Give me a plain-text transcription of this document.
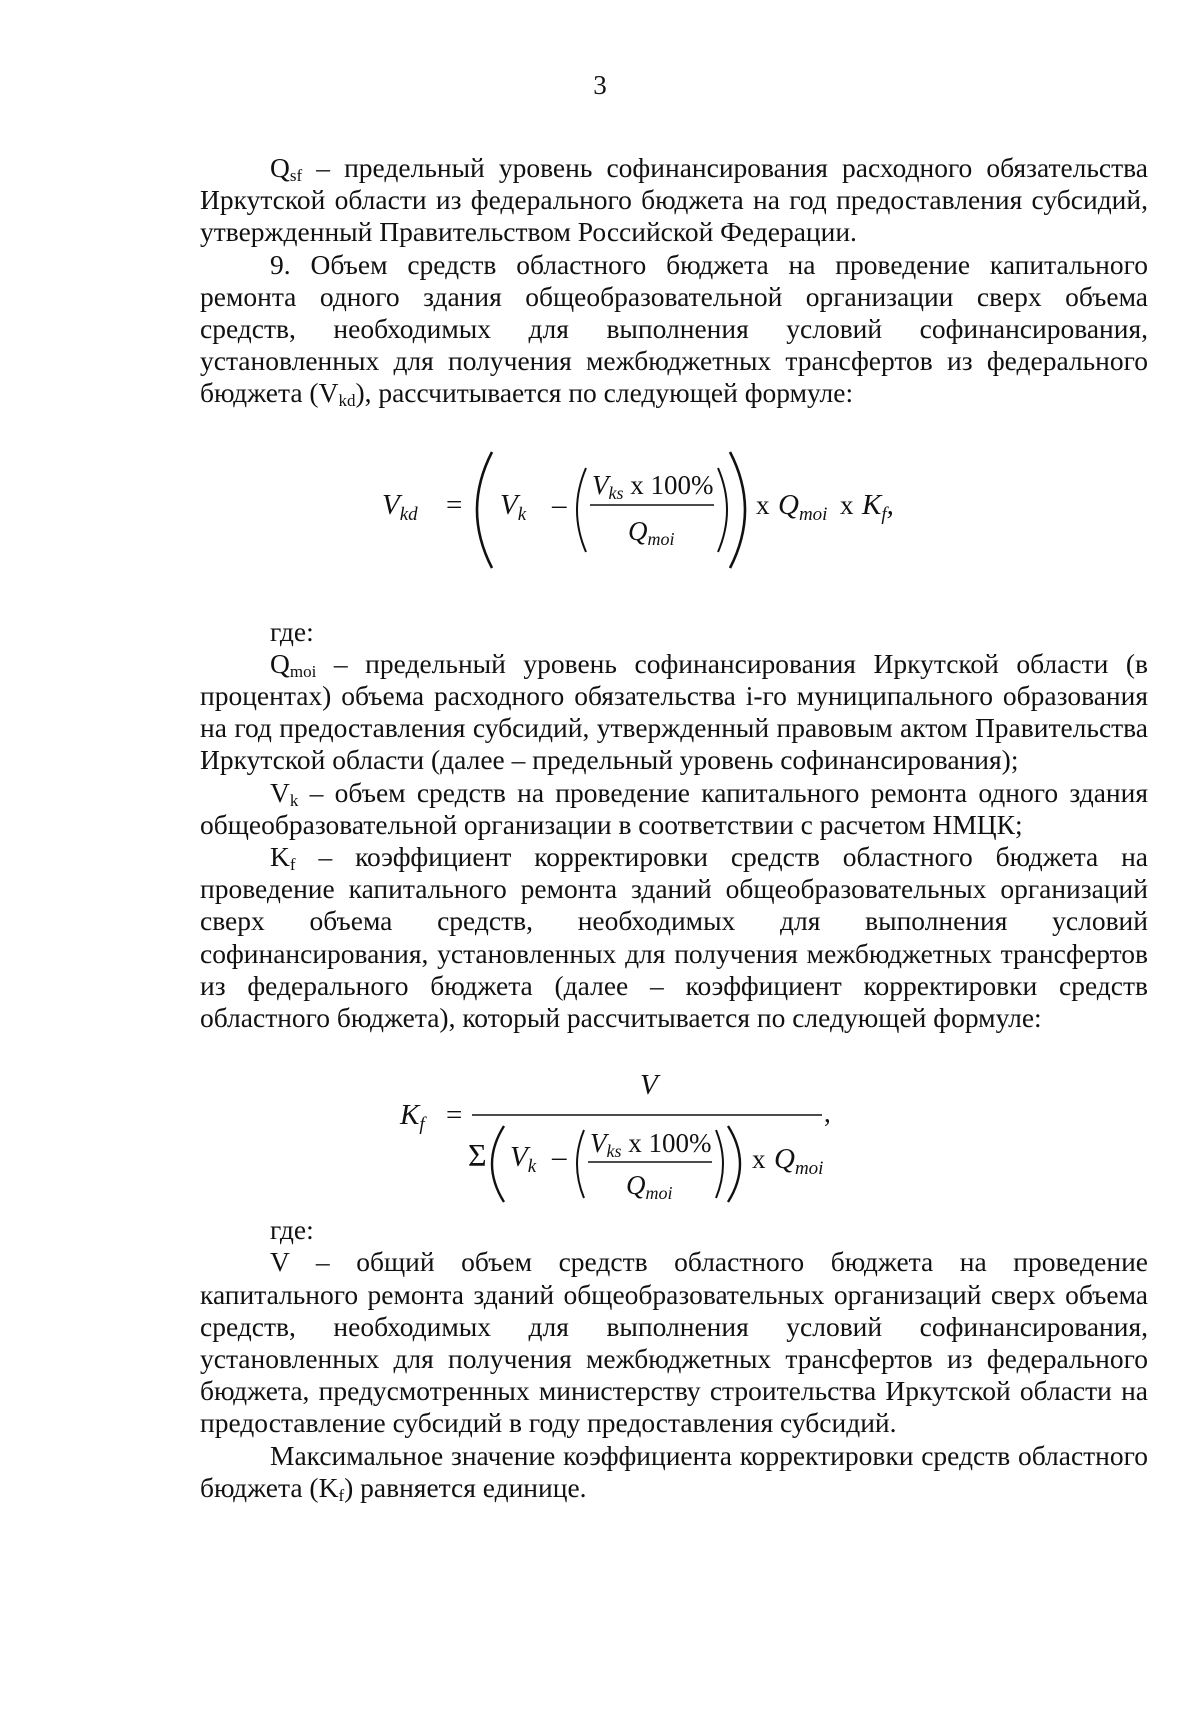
3

$Q_{sf}$ – предельный уровень софинансирования расходного обязательства Иркутской области из федерального бюджета на год предоставления субсидий, утвержденный Правительством Российской Федерации.

9. Объем средств областного бюджета на проведение капитального ремонта одного здания общеобразовательной организации сверх объема средств, необходимых для выполнения условий софинансирования, установленных для получения межбюджетных трансфертов из федерального бюджета $(V_{kd})$, рассчитывается по следующей формуле:

$V_{kd} = V_k$ –
Vks x 100%
Qmoi
x $Q_{moi}$ x $K_f$,

где:

$Q_{moi}$ – предельный уровень софинансирования Иркутской области (в процентах) объема расходного обязательства i-го муниципального образования на год предоставления субсидий, утвержденный правовым актом Правительства Иркутской области (далее – предельный уровень софинансирования);

$V_k$ – объем средств на проведение капитального ремонта одного здания общеобразовательной организации в соответствии с расчетом НМЦК;

$K_f$ – коэффициент корректировки средств областного бюджета на проведение капитального ремонта зданий общеобразовательных организаций сверх объема средств, необходимых для выполнения условий софинансирования, установленных для получения межбюджетных трансфертов из федерального бюджета (далее – коэффициент корректировки средств областного бюджета), который рассчитывается по следующей формуле:

$K_f$ =
V
,
Σ $V_k$ – Vks x 100%
Qmoi
x $Q_{moi}$

где:

V – общий объем средств областного бюджета на проведение капитального ремонта зданий общеобразовательных организаций сверх объема средств, необходимых для выполнения условий софинансирования, установленных для получения межбюджетных трансфертов из федерального бюджета, предусмотренных министерству строительства Иркутской области на предоставление субсидий в году предоставления субсидий.

Максимальное значение коэффициента корректировки средств областного бюджета $(K_f)$ равняется единице.
